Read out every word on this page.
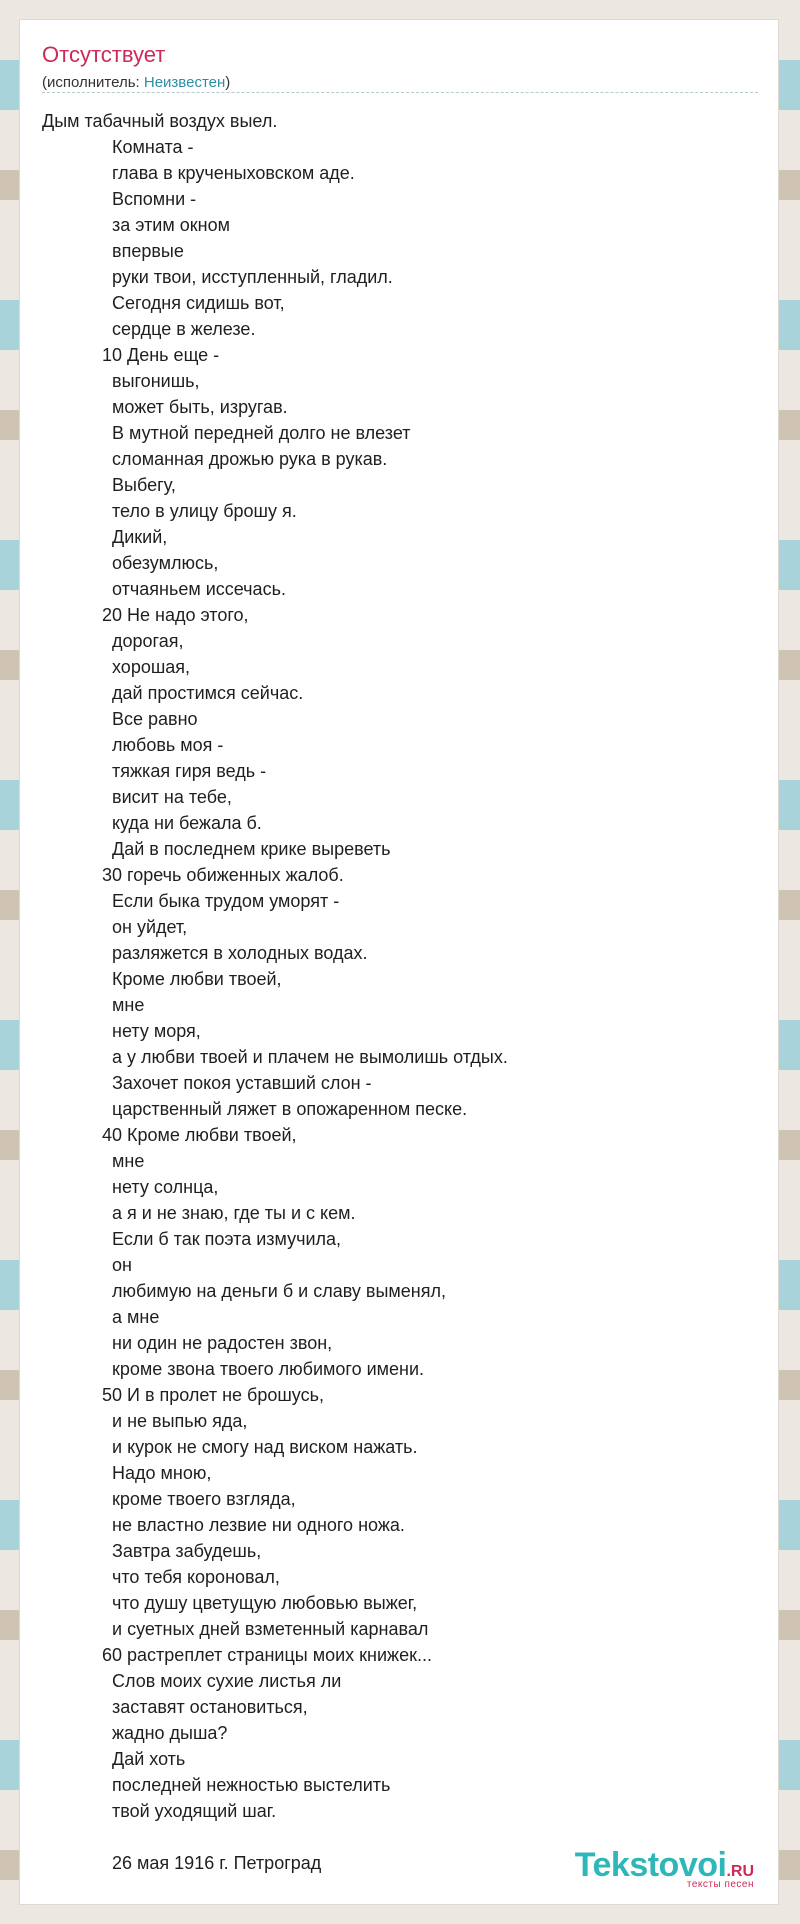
Отсутствует
(исполнитель: Неизвестен)
Дым табачный воздух выел.
Комната -
глава в крученыховском аде.
Вспомни -
за этим окном
впервые
руки твои, исступленный, гладил.
Сегодня сидишь вот,
сердце в железе.
10 День еще -
выгонишь,
может быть, изругав.
В мутной передней долго не влезет
сломанная дрожью рука в рукав.
Выбегу,
тело в улицу брошу я.
Дикий,
обезумлюсь,
отчаяньем иссечась.
20 Не надо этого,
дорогая,
хорошая,
дай простимся сейчас.
Все равно
любовь моя -
тяжкая гиря ведь -
висит на тебе,
куда ни бежала б.
Дай в последнем крике выреветь
30 горечь обиженных жалоб.
Если быка трудом уморят -
он уйдет,
разляжется в холодных водах.
Кроме любви твоей,
мне
нету моря,
а у любви твоей и плачем не вымолишь отдых.
Захочет покоя уставший слон -
царственный ляжет в опожаренном песке.
40 Кроме любви твоей,
мне
нету солнца,
а я и не знаю, где ты и с кем.
Если б так поэта измучила,
он
любимую на деньги б и славу выменял,
а мне
ни один не радостен звон,
кроме звона твоего любимого имени.
50 И в пролет не брошусь,
и не выпью яда,
и курок не смогу над виском нажать.
Надо мною,
кроме твоего взгляда,
не властно лезвие ни одного ножа.
Завтра забудешь,
что тебя короновал,
что душу цветущую любовью выжег,
и суетных дней взметенный карнавал
60 растреплет страницы моих книжек...
Слов моих сухие листья ли
заставят остановиться,
жадно дыша?
Дай хоть
последней нежностью выстелить
твой уходящий шаг.
26 мая 1916 г. Петроград	Tekstovoi.RU
тексты песен
